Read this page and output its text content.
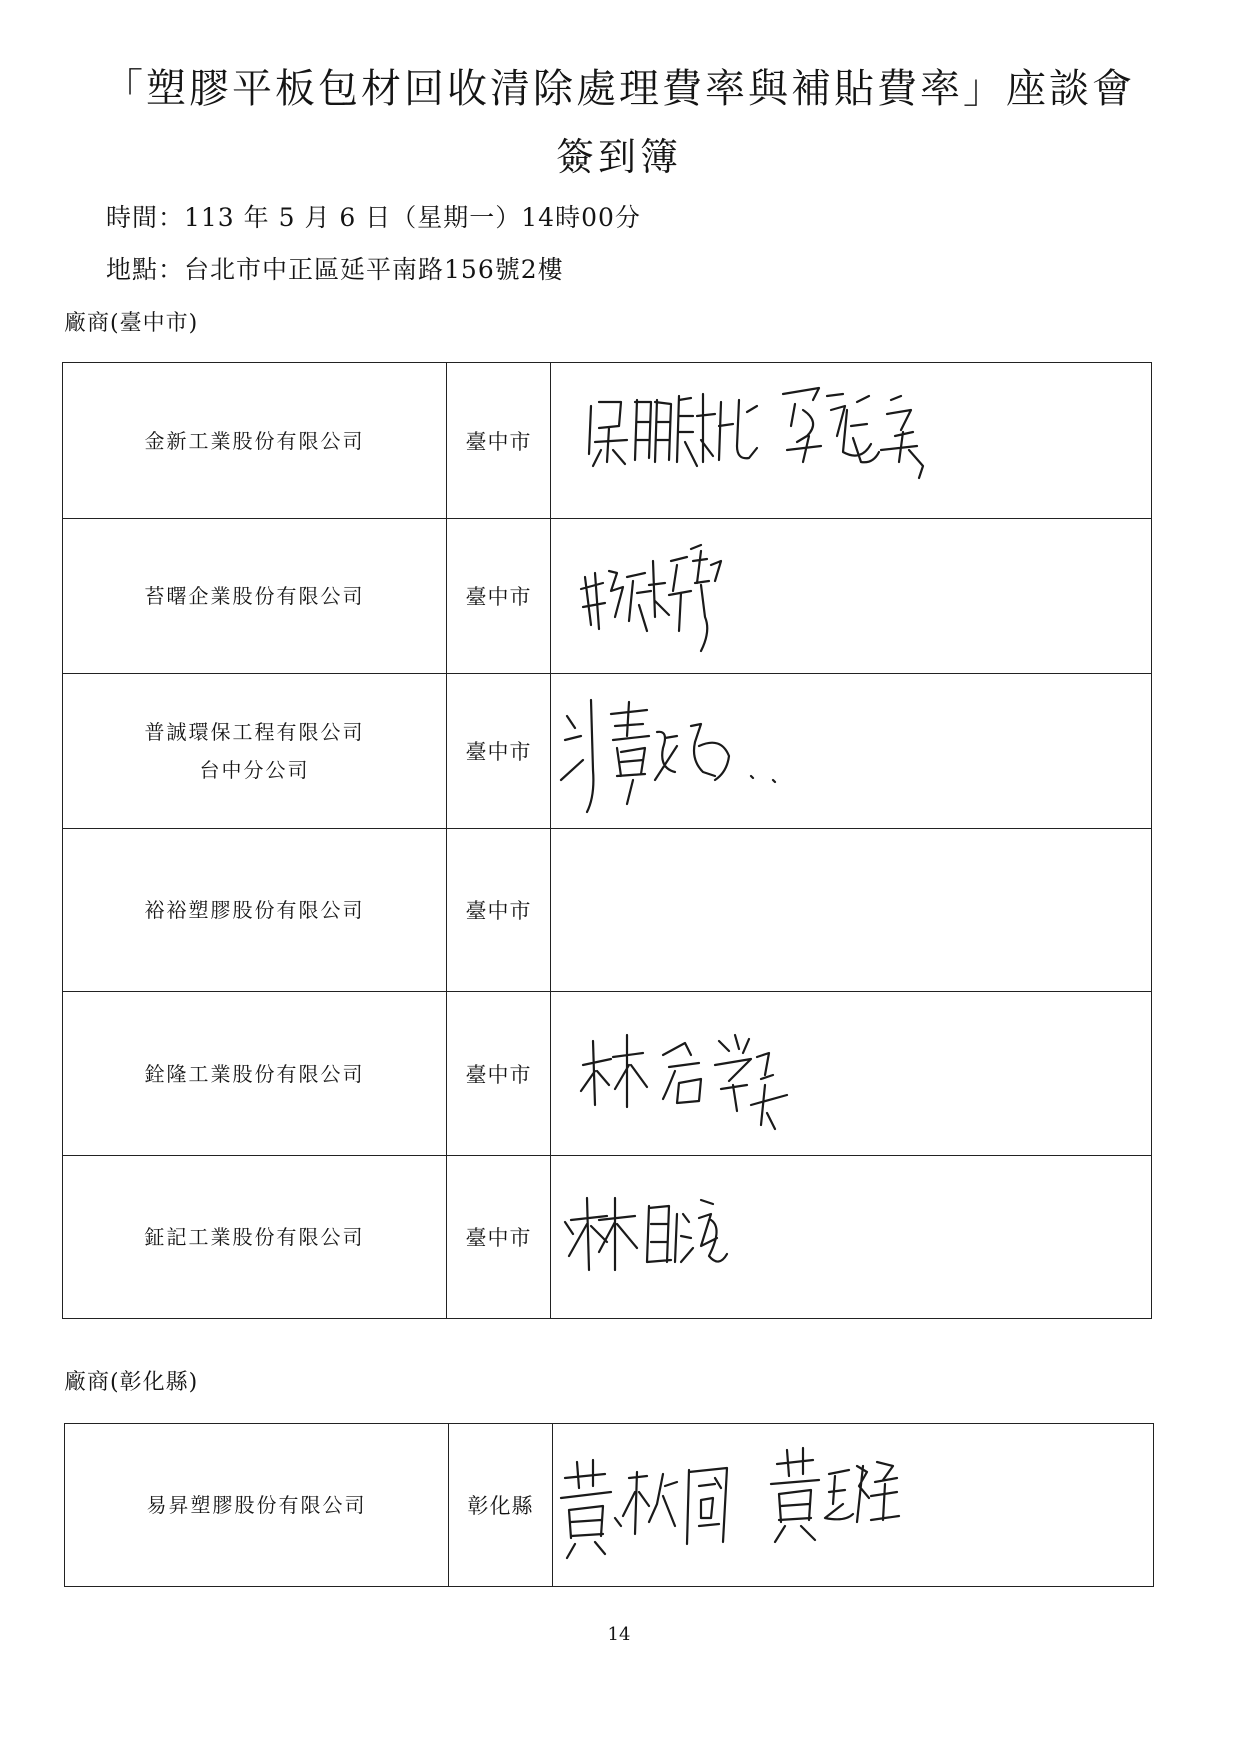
「塑膠平板包材回收清除處理費率與補貼費率」座談會
簽到簿
時間：113 年 5 月 6 日（星期一）14時00分
地點：台北市中正區延平南路156號2樓
廠商(臺中市)
金新工業股份有限公司	臺中市	

苔曙企業股份有限公司	臺中市	

普誠環保工程有限公司
台中分公司	臺中市	

裕裕塑膠股份有限公司	臺中市	

銓隆工業股份有限公司	臺中市	

鉦記工業股份有限公司	臺中市	
廠商(彰化縣)
易昇塑膠股份有限公司	彰化縣	
14
